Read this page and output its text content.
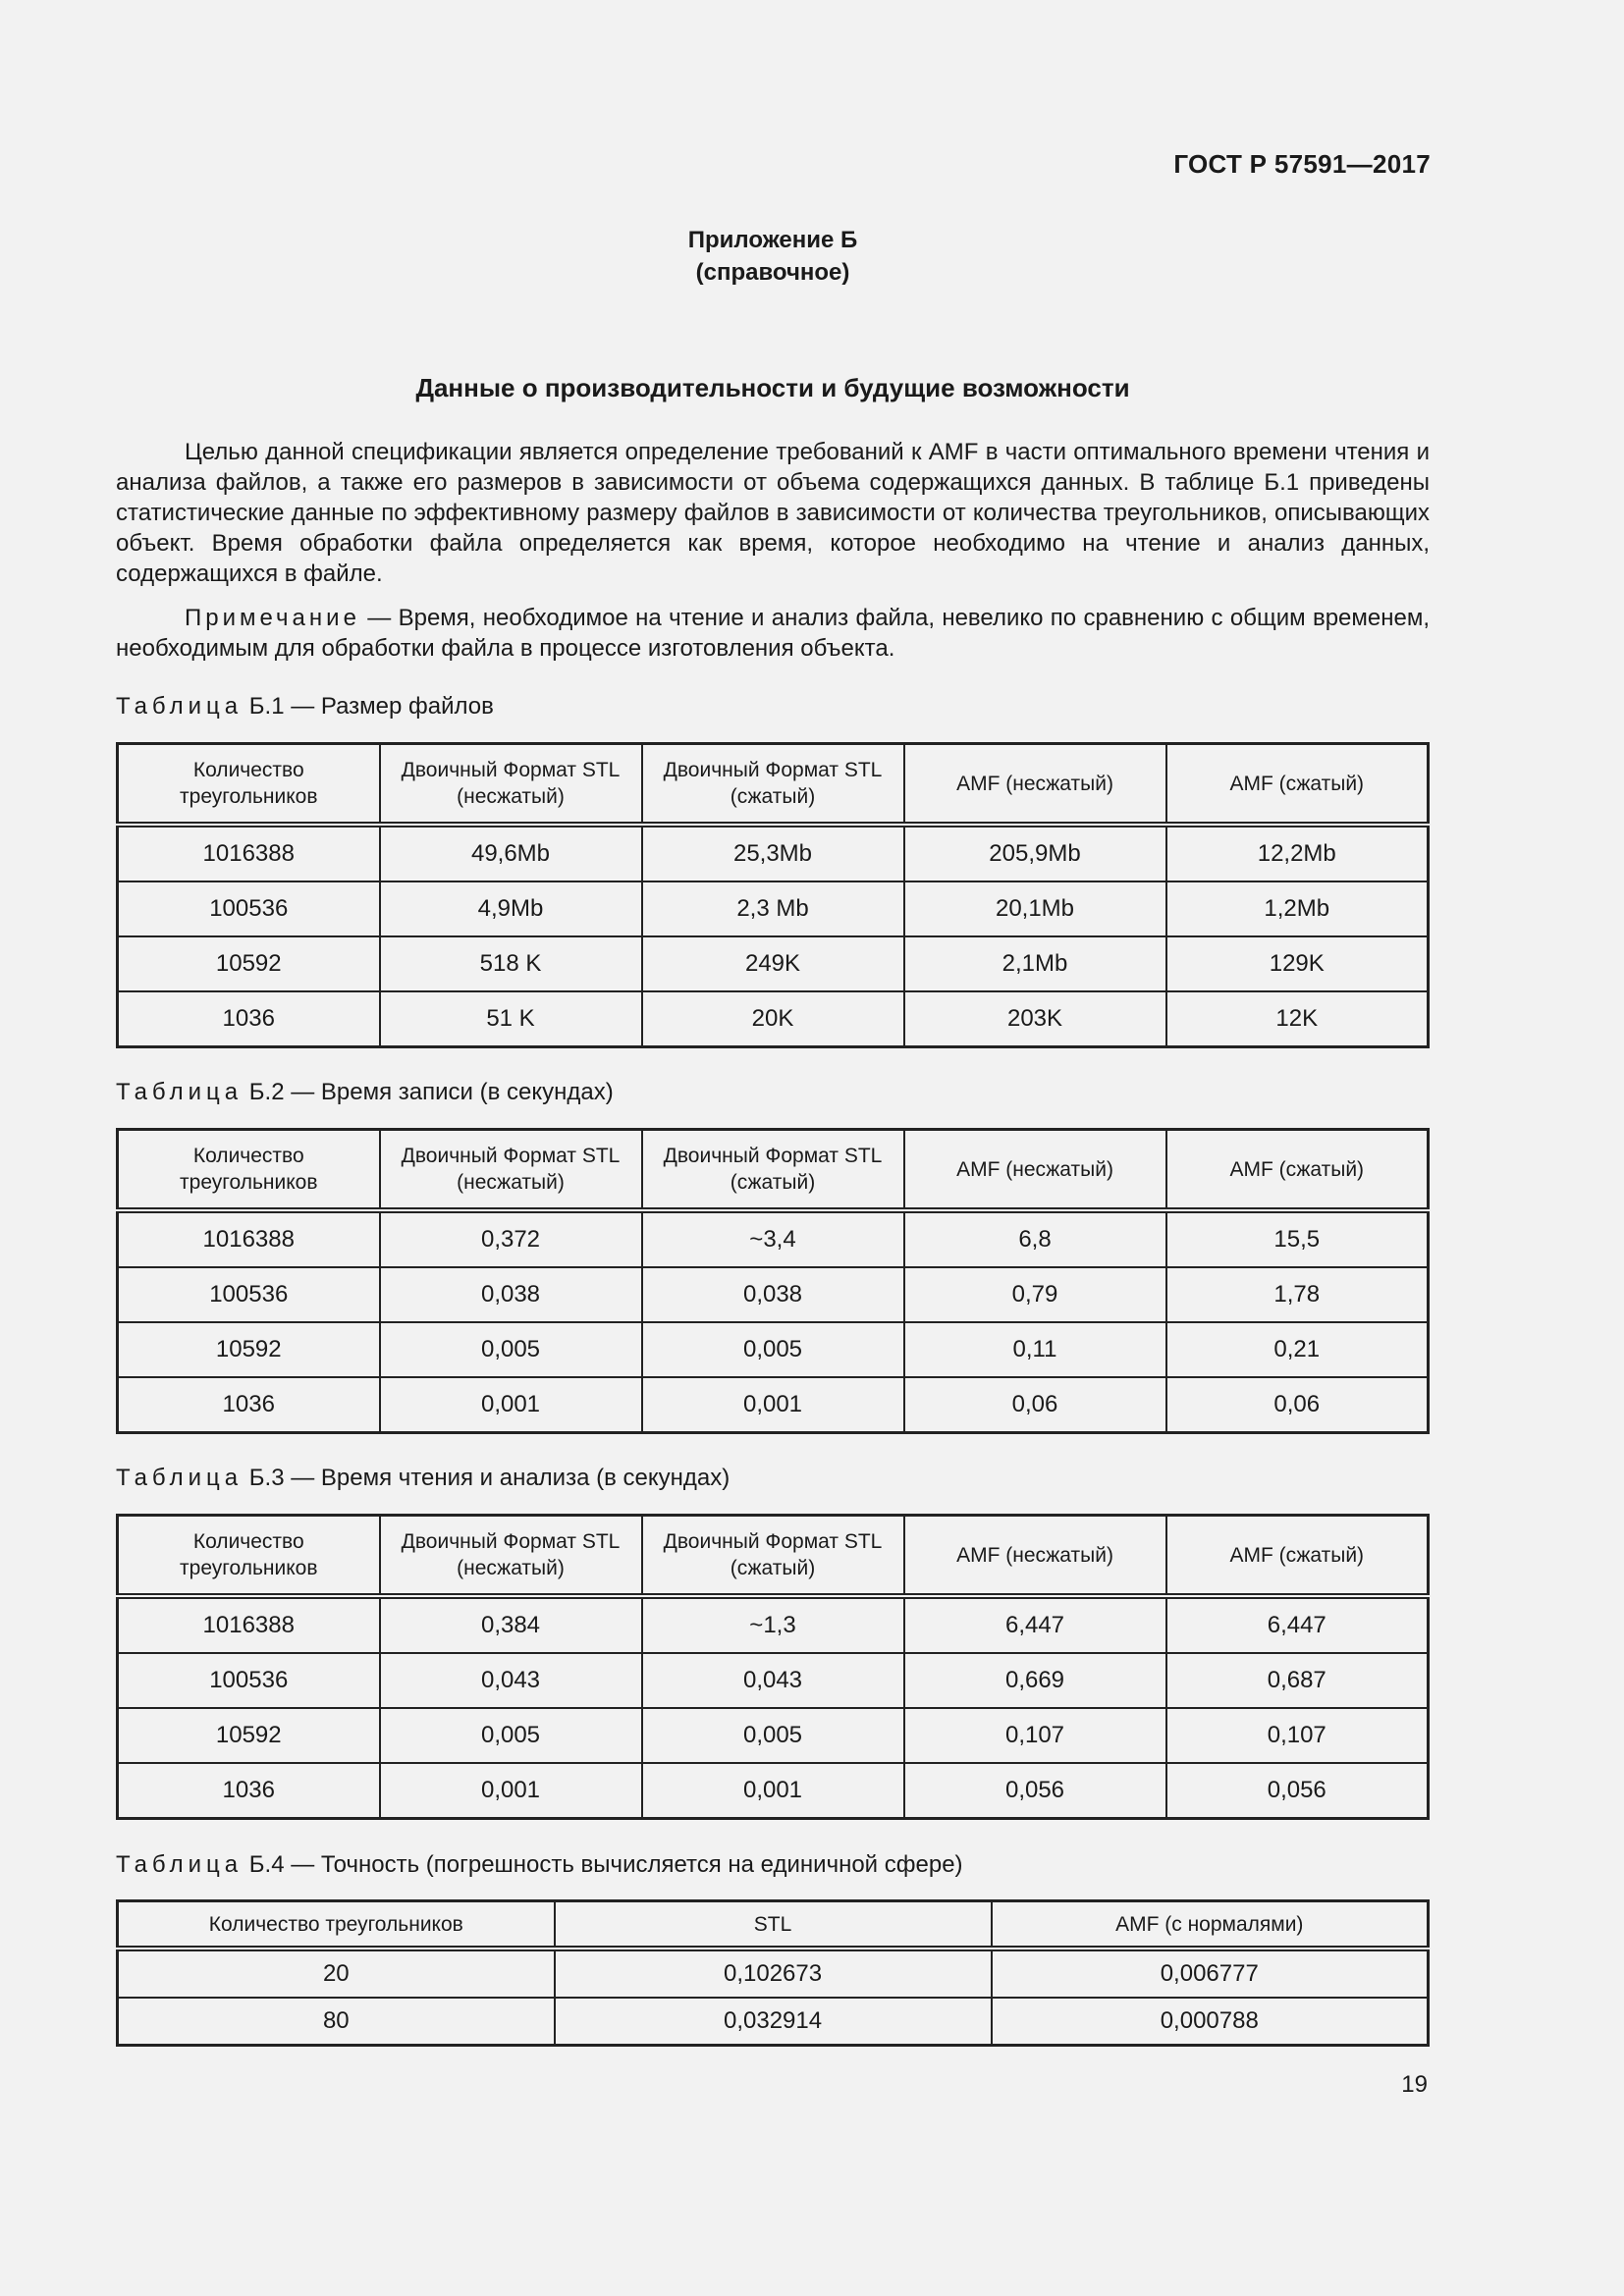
ГОСТ Р 57591—2017
Приложение Б
(справочное)
Данные о производительности и будущие возможности

Целью данной спецификации является определение требований к AMF в части оптимального времени чтения и анализа файлов, а также его размеров в зависимости от объема содержащихся данных. В таблице Б.1 приведены статистические данные по эффективному размеру файлов в зависимости от количества треугольников, описывающих объект. Время обработки файла определяется как время, которое необходимо на чтение и анализ данных, содержащихся в файле.

Примечание — Время, необходимое на чтение и анализ файла, невелико по сравнению с общим временем, необходимым для обработки файла в процессе изготовления объекта.

Таблица Б.1 — Размер файлов
Количество треугольников	Двоичный Формат STL (несжатый)	Двоичный Формат STL (сжатый)	AMF (несжатый)	AMF (сжатый)
1016388	49,6Mb	25,3Mb	205,9Mb	12,2Mb
100536	4,9Mb	2,3 Mb	20,1Mb	1,2Mb
10592	518 K	249K	2,1Mb	129K
1036	51 K	20K	203K	12K
Таблица Б.2 — Время записи (в секундах)
Количество треугольников	Двоичный Формат STL (несжатый)	Двоичный Формат STL (сжатый)	AMF (несжатый)	AMF (сжатый)
1016388	0,372	~3,4	6,8	15,5
100536	0,038	0,038	0,79	1,78
10592	0,005	0,005	0,11	0,21
1036	0,001	0,001	0,06	0,06
Таблица Б.3 — Время чтения и анализа (в секундах)
Количество треугольников	Двоичный Формат STL (несжатый)	Двоичный Формат STL (сжатый)	AMF (несжатый)	AMF (сжатый)
1016388	0,384	~1,3	6,447	6,447
100536	0,043	0,043	0,669	0,687
10592	0,005	0,005	0,107	0,107
1036	0,001	0,001	0,056	0,056
Таблица Б.4 — Точность (погрешность вычисляется на единичной сфере)
Количество треугольников	STL	AMF (с нормалями)
20	0,102673	0,006777
80	0,032914	0,000788
19
